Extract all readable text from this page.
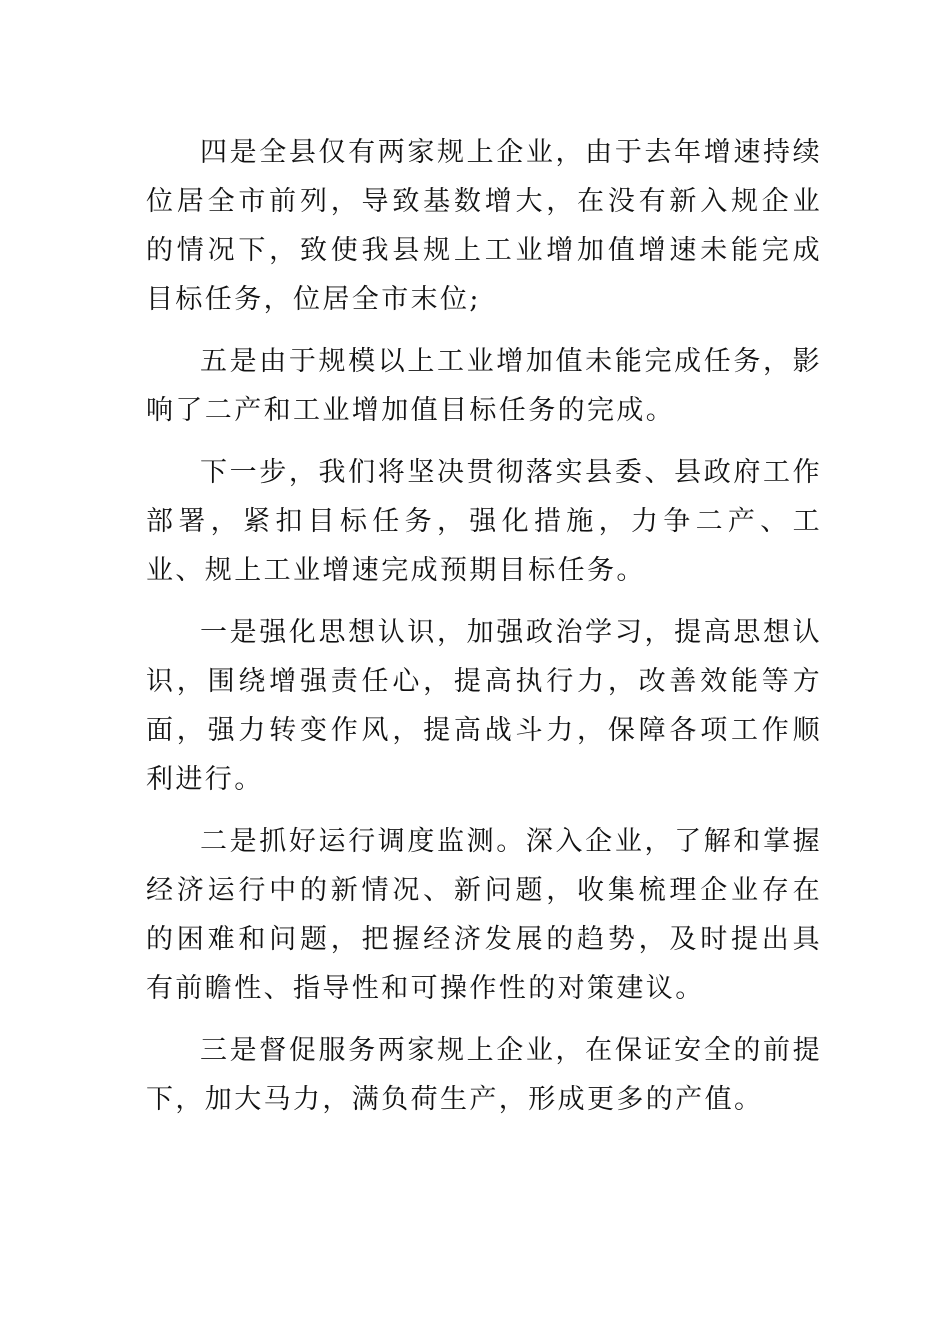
四是全县仅有两家规上企业，由于去年增速持续位居全市前列，导致基数增大，在没有新入规企业的情况下，致使我县规上工业增加值增速未能完成目标任务，位居全市末位;

五是由于规模以上工业增加值未能完成任务，影响了二产和工业增加值目标任务的完成。

下一步，我们将坚决贯彻落实县委、县政府工作部署，紧扣目标任务，强化措施，力争二产、工业、规上工业增速完成预期目标任务。

一是强化思想认识，加强政治学习，提高思想认识，围绕增强责任心，提高执行力，改善效能等方面，强力转变作风，提高战斗力，保障各项工作顺利进行。

二是抓好运行调度监测。深入企业，了解和掌握经济运行中的新情况、新问题，收集梳理企业存在的困难和问题，把握经济发展的趋势，及时提出具有前瞻性、指导性和可操作性的对策建议。

三是督促服务两家规上企业，在保证安全的前提下，加大马力，满负荷生产，形成更多的产值。
